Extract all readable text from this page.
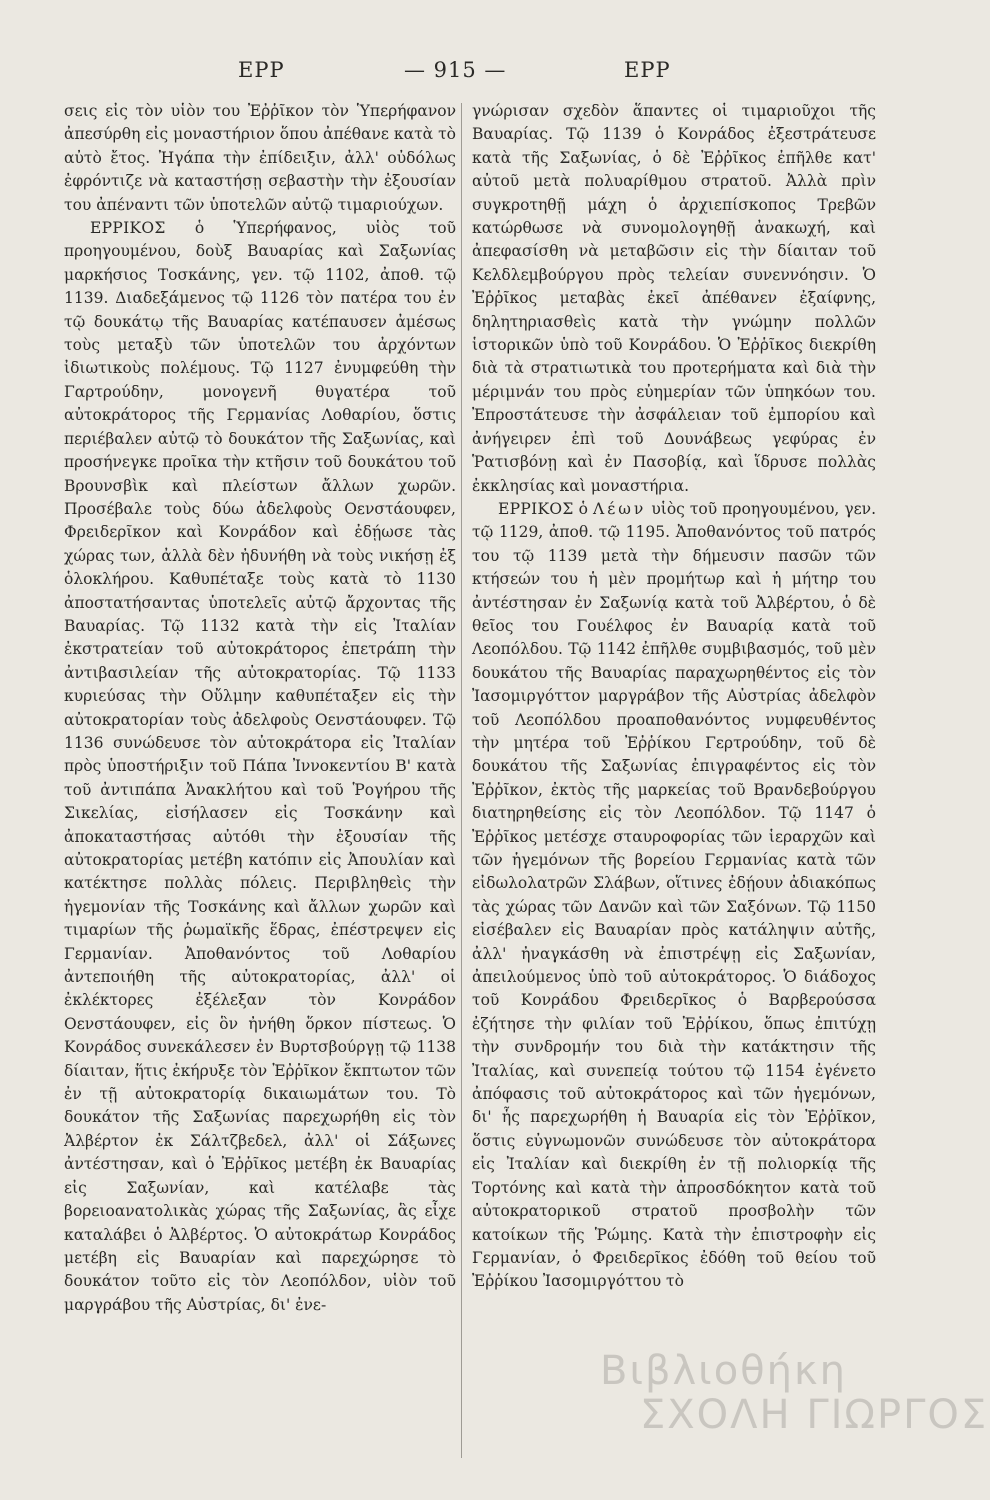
ΕΡΡ	— 915 —	ΕΡΡ

σεις εἰς τὸν υἱὸν του Ἐῤῥῖκον τὸν Ὑπερήφανον ἀπεσύρθη εἰς μοναστήριον ὅπου ἀπέθανε κατὰ τὸ αὐτὸ ἔτος. Ἠγάπα τὴν ἐπίδειξιν, ἀλλ' οὐδόλως ἐφρόντιζε νὰ καταστήσῃ σεβαστὴν τὴν ἐξουσίαν του ἀπέναντι τῶν ὑποτελῶν αὐτῷ τιμαριούχων.

ΕΡΡΙΚΟΣ ὁ Ὑπερήφανος, υἱὸς τοῦ προηγουμένου, δοὺξ Βαυαρίας καὶ Σαξωνίας μαρκήσιος Τοσκάνης, γεν. τῷ 1102, ἀποθ. τῷ 1139. Διαδεξάμενος τῷ 1126 τὸν πατέρα του ἐν τῷ δουκάτῳ τῆς Βαυαρίας κατέπαυσεν ἀμέσως τοὺς μεταξὺ τῶν ὑποτελῶν του ἀρχόντων ἰδιωτικοὺς πολέμους. Τῷ 1127 ἐνυμφεύθη τὴν Γαρτρούδην, μονογενῆ θυγατέρα τοῦ αὐτοκράτορος τῆς Γερμανίας Λοθαρίου, ὅστις περιέβαλεν αὐτῷ τὸ δουκάτον τῆς Σαξωνίας, καὶ προσήνεγκε προῖκα τὴν κτῆσιν τοῦ δουκάτου τοῦ Βρουνσβὶκ καὶ πλείστων ἄλλων χωρῶν. Προσέβαλε τοὺς δύω ἀδελφοὺς Οενστάουφεν, Φρειδερῖκον καὶ Κονράδον καὶ ἐδῄωσε τὰς χώρας των, ἀλλὰ δὲν ἠδυνήθη νὰ τοὺς νικήσῃ ἐξ ὁλοκλήρου. Καθυπέταξε τοὺς κατὰ τὸ 1130 ἀποστατήσαντας ὑποτελεῖς αὐτῷ ἄρχοντας τῆς Βαυαρίας. Τῷ 1132 κατὰ τὴν εἰς Ἰταλίαν ἐκστρατείαν τοῦ αὐτοκράτορος ἐπετράπη τὴν ἀντιβασιλείαν τῆς αὐτοκρατορίας. Τῷ 1133 κυριεύσας τὴν Οὔλμην καθυπέταξεν εἰς τὴν αὐτοκρατορίαν τοὺς ἀδελφοὺς Οενστάουφεν. Τῷ 1136 συνώδευσε τὸν αὐτοκράτορα εἰς Ἰταλίαν πρὸς ὑποστήριξιν τοῦ Πάπα Ἰννοκεντίου Β' κατὰ τοῦ ἀντιπάπα Ἀνακλήτου καὶ τοῦ Ῥογήρου τῆς Σικελίας, εἰσήλασεν εἰς Τοσκάνην καὶ ἀποκαταστήσας αὐτόθι τὴν ἐξουσίαν τῆς αὐτοκρατορίας μετέβη κατόπιν εἰς Ἀπουλίαν καὶ κατέκτησε πολλὰς πόλεις. Περιβληθεὶς τὴν ἡγεμονίαν τῆς Τοσκάνης καὶ ἄλλων χωρῶν καὶ τιμαρίων τῆς ῥωμαϊκῆς ἕδρας, ἐπέστρεψεν εἰς Γερμανίαν. Ἀποθανόντος τοῦ Λοθαρίου ἀντεποιήθη τῆς αὐτοκρατορίας, ἀλλ' οἱ ἐκλέκτορες ἐξέλεξαν τὸν Κονράδον Οενστάουφεν, εἰς ὃν ἠνήθη ὅρκον πίστεως. Ὁ Κονράδος συνεκάλεσεν ἐν Βυρτσβούργῃ τῷ 1138 δίαιταν, ἥτις ἐκήρυξε τὸν Ἐῤῥῖκον ἔκπτωτον τῶν ἐν τῇ αὐτοκρατορίᾳ δικαιωμάτων του. Τὸ δουκάτον τῆς Σαξωνίας παρεχωρήθη εἰς τὸν Ἀλβέρτον ἐκ Σάλτζβεδελ, ἀλλ' οἱ Σάξωνες ἀντέστησαν, καὶ ὁ Ἐῤῥῖκος μετέβη ἐκ Βαυαρίας εἰς Σαξωνίαν, καὶ κατέλαβε τὰς βορειοανατολικὰς χώρας τῆς Σαξωνίας, ἃς εἶχε καταλάβει ὁ Ἀλβέρτος. Ὁ αὐτοκράτωρ Κονράδος μετέβη εἰς Βαυαρίαν καὶ παρεχώρησε τὸ δουκάτον τοῦτο εἰς τὸν Λεοπόλδον, υἱὸν τοῦ μαργράβου τῆς Αὐστρίας, δι' ἐνε-

γνώρισαν σχεδὸν ἅπαντες οἱ τιμαριοῦχοι τῆς Βαυαρίας. Τῷ 1139 ὁ Κονράδος ἐξεστράτευσε κατὰ τῆς Σαξωνίας, ὁ δὲ Ἐῤῥῖκος ἐπῆλθε κατ' αὐτοῦ μετὰ πολυαρίθμου στρατοῦ. Ἀλλὰ πρὶν συγκροτηθῇ μάχη ὁ ἀρχιεπίσκοπος Τρεβῶν κατώρθωσε νὰ συνομολογηθῇ ἀνακωχή, καὶ ἀπεφασίσθη νὰ μεταβῶσιν εἰς τὴν δίαιταν τοῦ Κελδλεμβούργου πρὸς τελείαν συνεννόησιν. Ὁ Ἐῤῥῖκος μεταβὰς ἐκεῖ ἀπέθανεν ἐξαίφνης, δηλητηριασθεὶς κατὰ τὴν γνώμην πολλῶν ἱστορικῶν ὑπὸ τοῦ Κονράδου. Ὁ Ἐῤῥῖκος διεκρίθη διὰ τὰ στρατιωτικὰ του προτερήματα καὶ διὰ τὴν μέριμνάν του πρὸς εὐημερίαν τῶν ὑπηκόων του. Ἐπροστάτευσε τὴν ἀσφάλειαν τοῦ ἐμπορίου καὶ ἀνήγειρεν ἐπὶ τοῦ Δουνάβεως γεφύρας ἐν Ῥατισβόνῃ καὶ ἐν Πασοβίᾳ, καὶ ἵδρυσε πολλὰς ἐκκλησίας καὶ μοναστήρια.

ΕΡΡΙΚΟΣ ὁ Λέων υἱὸς τοῦ προηγουμένου, γεν. τῷ 1129, ἀποθ. τῷ 1195. Ἀποθανόντος τοῦ πατρός του τῷ 1139 μετὰ τὴν δήμευσιν πασῶν τῶν κτήσεών του ἡ μὲν προμήτωρ καὶ ἡ μήτηρ του ἀντέστησαν ἐν Σαξωνίᾳ κατὰ τοῦ Ἀλβέρτου, ὁ δὲ θεῖος του Γουέλφος ἐν Βαυαρίᾳ κατὰ τοῦ Λεοπόλδου. Τῷ 1142 ἐπῆλθε συμβιβασμός, τοῦ μὲν δουκάτου τῆς Βαυαρίας παραχωρηθέντος εἰς τὸν Ἰασομιργόττον μαργράβον τῆς Αὐστρίας ἀδελφὸν τοῦ Λεοπόλδου προαποθανόντος νυμφευθέντος τὴν μητέρα τοῦ Ἐῤῥίκου Γερτρούδην, τοῦ δὲ δουκάτου τῆς Σαξωνίας ἐπιγραφέντος εἰς τὸν Ἐῤῥῖκον, ἐκτὸς τῆς μαρκείας τοῦ Βρανδεβούργου διατηρηθείσης εἰς τὸν Λεοπόλδον. Τῷ 1147 ὁ Ἐῤῥῖκος μετέσχε σταυροφορίας τῶν ἱεραρχῶν καὶ τῶν ἡγεμόνων τῆς βορείου Γερμανίας κατὰ τῶν εἰδωλολατρῶν Σλάβων, οἵτινες ἐδῄουν ἀδιακόπως τὰς χώρας τῶν Δανῶν καὶ τῶν Σαξόνων. Τῷ 1150 εἰσέβαλεν εἰς Βαυαρίαν πρὸς κατάληψιν αὐτῆς, ἀλλ' ἠναγκάσθη νὰ ἐπιστρέψῃ εἰς Σαξωνίαν, ἀπειλούμενος ὑπὸ τοῦ αὐτοκράτορος. Ὁ διάδοχος τοῦ Κονράδου Φρειδερῖκος ὁ Βαρβερούσσα ἐζήτησε τὴν φιλίαν τοῦ Ἐῤῥίκου, ὅπως ἐπιτύχῃ τὴν συνδρομήν του διὰ τὴν κατάκτησιν τῆς Ἰταλίας, καὶ συνεπείᾳ τούτου τῷ 1154 ἐγένετο ἀπόφασις τοῦ αὐτοκράτορος καὶ τῶν ἡγεμόνων, δι' ἧς παρεχωρήθη ἡ Βαυαρία εἰς τὸν Ἐῤῥῖκον, ὅστις εὐγνωμονῶν συνώδευσε τὸν αὐτοκράτορα εἰς Ἰταλίαν καὶ διεκρίθη ἐν τῇ πολιορκίᾳ τῆς Τορτόνης καὶ κατὰ τὴν ἀπροσδόκητον κατὰ τοῦ αὐτοκρατορικοῦ στρατοῦ προσβολὴν τῶν κατοίκων τῆς Ῥώμης. Κατὰ τὴν ἐπιστροφὴν εἰς Γερμανίαν, ὁ Φρειδερῖκος ἐδόθη τοῦ θείου τοῦ Ἐῤῥίκου Ἰασομιργόττου τὸ

Βιβλιοθήκη
ΣΧΟΛΗ ΓΙΩΡΓΟΣ
